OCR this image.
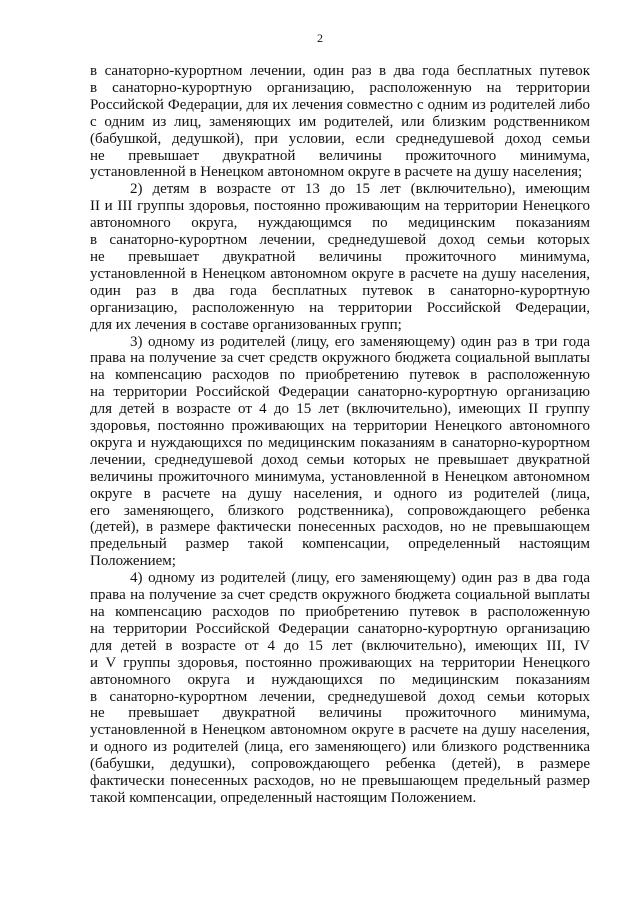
2

в санаторно-курортном лечении, один раз в два года бесплатных путевок

в санаторно-курортную организацию, расположенную на территории

Российской Федерации, для их лечения совместно с одним из родителей либо

с одним из лиц, заменяющих им родителей, или близким родственником

(бабушкой, дедушкой), при условии, если среднедушевой доход семьи

не превышает двукратной величины прожиточного минимума,

установленной в Ненецком автономном округе в расчете на душу населения;

2) детям в возрасте от 13 до 15 лет (включительно), имеющим

II и III группы здоровья, постоянно проживающим на территории Ненецкого

автономного округа, нуждающимся по медицинским показаниям

в санаторно-курортном лечении, среднедушевой доход семьи которых

не превышает двукратной величины прожиточного минимума,

установленной в Ненецком автономном округе в расчете на душу населения,

один раз в два года бесплатных путевок в санаторно-курортную

организацию, расположенную на территории Российской Федерации,

для их лечения в составе организованных групп;

3) одному из родителей (лицу, его заменяющему) один раз в три года

права на получение за счет средств окружного бюджета социальной выплаты

на компенсацию расходов по приобретению путевок в расположенную

на территории Российской Федерации санаторно-курортную организацию

для детей в возрасте от 4 до 15 лет (включительно), имеющих II группу

здоровья, постоянно проживающих на территории Ненецкого автономного

округа и нуждающихся по медицинским показаниям в санаторно-курортном

лечении, среднедушевой доход семьи которых не превышает двукратной

величины прожиточного минимума, установленной в Ненецком автономном

округе в расчете на душу населения, и одного из родителей (лица,

его заменяющего, близкого родственника), сопровождающего ребенка

(детей), в размере фактически понесенных расходов, но не превышающем

предельный размер такой компенсации, определенный настоящим

Положением;

4) одному из родителей (лицу, его заменяющему) один раз в два года

права на получение за счет средств окружного бюджета социальной выплаты

на компенсацию расходов по приобретению путевок в расположенную

на территории Российской Федерации санаторно-курортную организацию

для детей в возрасте от 4 до 15 лет (включительно), имеющих III, IV

и V группы здоровья, постоянно проживающих на территории Ненецкого

автономного округа и нуждающихся по медицинским показаниям

в санаторно-курортном лечении, среднедушевой доход семьи которых

не превышает двукратной величины прожиточного минимума,

установленной в Ненецком автономном округе в расчете на душу населения,

и одного из родителей (лица, его заменяющего) или близкого родственника

(бабушки, дедушки), сопровождающего ребенка (детей), в размере

фактически понесенных расходов, но не превышающем предельный размер

такой компенсации, определенный настоящим Положением.
